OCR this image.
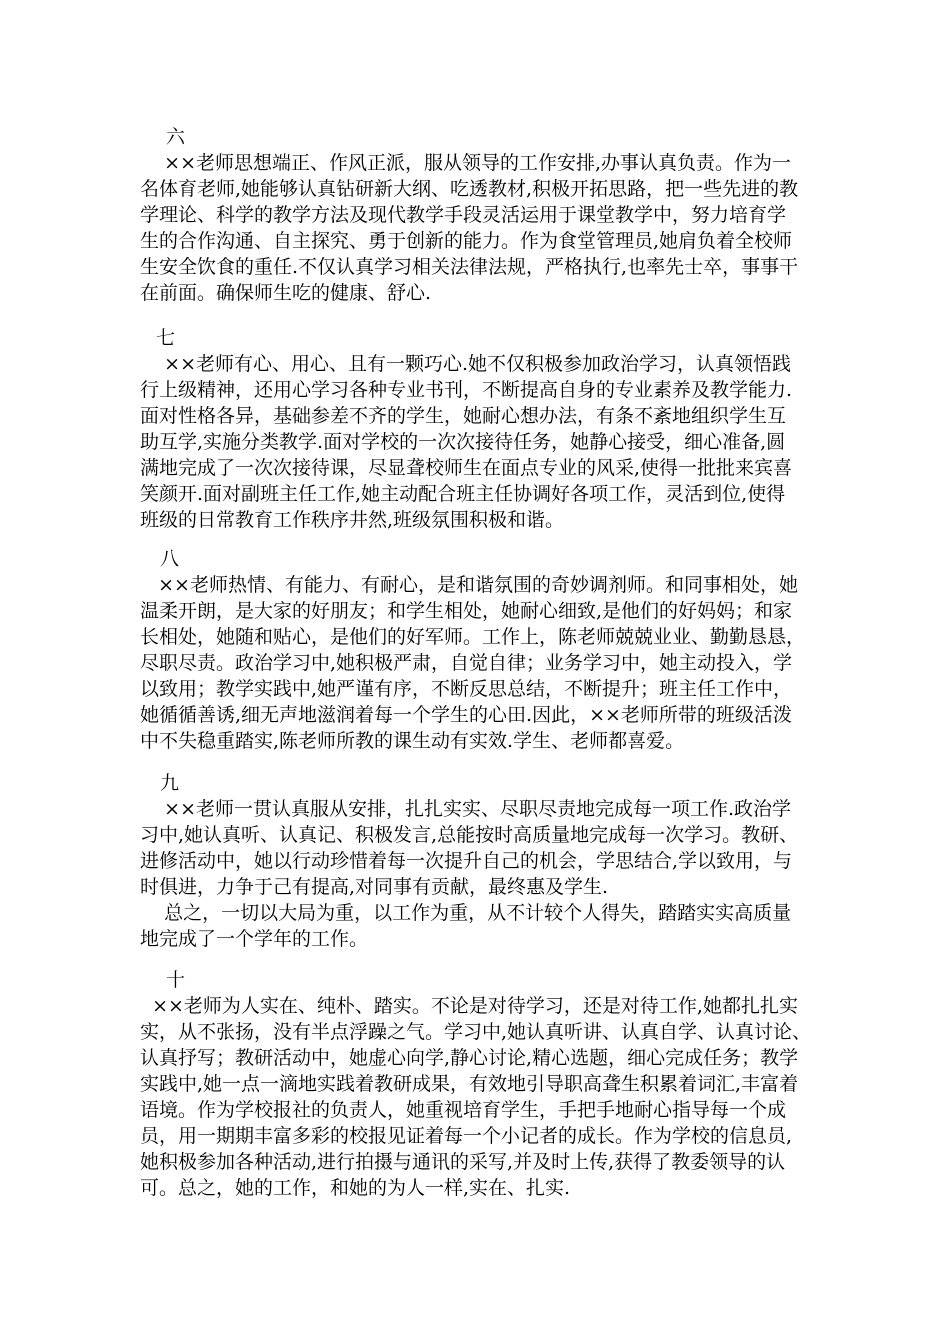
六
××老师思想端正、作风正派，服从领导的工作安排,办事认真负责。作为一
名体育老师,她能够认真钻研新大纲、吃透教材,积极开拓思路，把一些先进的教
学理论、科学的教学方法及现代教学手段灵活运用于课堂教学中，努力培育学
生的合作沟通、自主探究、勇于创新的能力。作为食堂管理员,她肩负着全校师
生安全饮食的重任.不仅认真学习相关法律法规，严格执行,也率先士卒，事事干
在前面。确保师生吃的健康、舒心.
七
××老师有心、用心、且有一颗巧心.她不仅积极参加政治学习，认真领悟践
行上级精神，还用心学习各种专业书刊，不断提高自身的专业素养及教学能力.
面对性格各异，基础参差不齐的学生，她耐心想办法，有条不紊地组织学生互
助互学,实施分类教学.面对学校的一次次接待任务，她静心接受，细心准备,圆
满地完成了一次次接待课，尽显聋校师生在面点专业的风采,使得一批批来宾喜
笑颜开.面对副班主任工作,她主动配合班主任协调好各项工作，灵活到位,使得
班级的日常教育工作秩序井然,班级氛围积极和谐。
八
××老师热情、有能力、有耐心，是和谐氛围的奇妙调剂师。和同事相处，她
温柔开朗，是大家的好朋友；和学生相处，她耐心细致,是他们的好妈妈；和家
长相处，她随和贴心，是他们的好军师。工作上，陈老师兢兢业业、勤勤恳恳，
尽职尽责。政治学习中,她积极严肃，自觉自律；业务学习中，她主动投入，学
以致用；教学实践中,她严谨有序，不断反思总结，不断提升；班主任工作中，
她循循善诱,细无声地滋润着每一个学生的心田.因此，××老师所带的班级活泼
中不失稳重踏实,陈老师所教的课生动有实效.学生、老师都喜爱。
九
××老师一贯认真服从安排，扎扎实实、尽职尽责地完成每一项工作.政治学
习中,她认真听、认真记、积极发言,总能按时高质量地完成每一次学习。教研、
进修活动中，她以行动珍惜着每一次提升自己的机会，学思结合,学以致用，与
时俱进，力争于己有提高,对同事有贡献，最终惠及学生.
总之，一切以大局为重，以工作为重，从不计较个人得失，踏踏实实高质量
地完成了一个学年的工作。
十
××老师为人实在、纯朴、踏实。不论是对待学习，还是对待工作,她都扎扎实
实，从不张扬，没有半点浮躁之气。学习中,她认真听讲、认真自学、认真讨论、
认真抒写；教研活动中，她虚心向学,静心讨论,精心选题，细心完成任务；教学
实践中,她一点一滴地实践着教研成果，有效地引导职高聋生积累着词汇,丰富着
语境。作为学校报社的负责人，她重视培育学生，手把手地耐心指导每一个成
员，用一期期丰富多彩的校报见证着每一个小记者的成长。作为学校的信息员,
她积极参加各种活动,进行拍摄与通讯的采写,并及时上传,获得了教委领导的认
可。总之，她的工作，和她的为人一样,实在、扎实.
